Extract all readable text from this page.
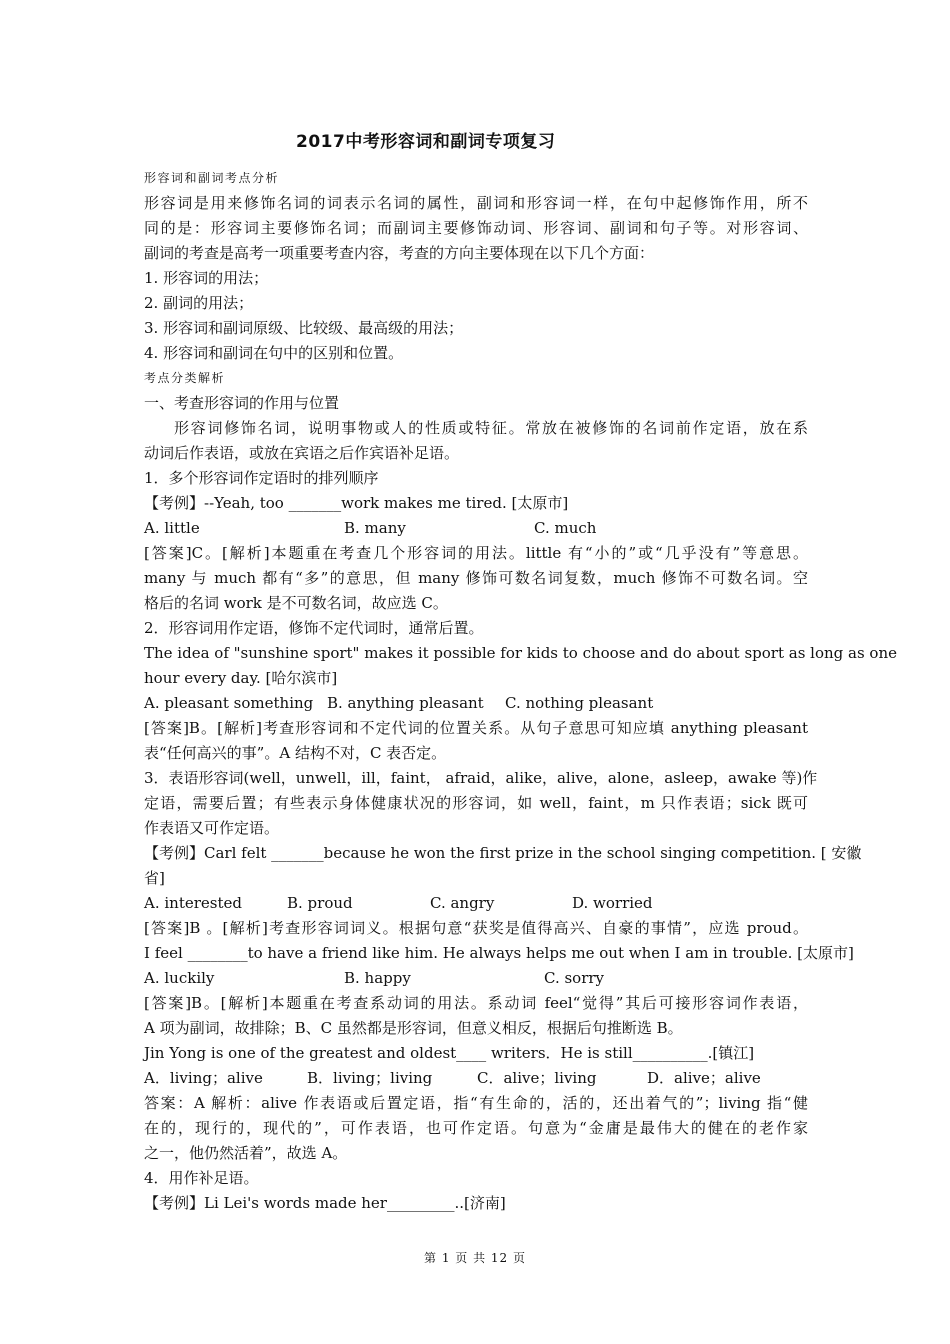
2017中考形容词和副词专项复习
形容词和副词考点分析
形容词是用来修饰名词的词表示名词的属性，副词和形容词一样，在句中起修饰作用，所不
同的是：形容词主要修饰名词；而副词主要修饰动词、形容词、副词和句子等。对形容词、
副词的考查是高考一项重要考查内容，考查的方向主要体现在以下几个方面：
1. 形容词的用法；
2. 副词的用法；
3. 形容词和副词原级、比较级、最高级的用法；
4. 形容词和副词在句中的区别和位置。
考点分类解析
一、考查形容词的作用与位置
形容词修饰名词，说明事物或人的性质或特征。常放在被修饰的名词前作定语，放在系
动词后作表语，或放在宾语之后作宾语补足语。
1．多个形容词作定语时的排列顺序
【考例】--Yeah, too _______work makes me tired. [太原市]
A. little	B. many	C. much
[答案]C。[解析]本题重在考查几个形容词的用法。little 有“小的”或“几乎没有”等意思。
many 与 much 都有“多”的意思，但 many 修饰可数名词复数，much 修饰不可数名词。空
格后的名词 work 是不可数名词，故应选 C。
2．形容词用作定语，修饰不定代词时，通常后置。
The idea of "sunshine sport" makes it possible for kids to choose and do about sport as long as one
hour every day. [哈尔滨市]
A. pleasant something B. anything pleasant	C. nothing pleasant
[答案]B。[解析]考查形容词和不定代词的位置关系。从句子意思可知应填 anything pleasant
表“任何高兴的事”。A 结构不对，C 表否定。
3．表语形容词(well，unwell，ill，faint， afraid，alike，alive，alone，asleep，awake 等)作
定语，需要后置；有些表示身体健康状况的形容词，如 well，faint，m 只作表语；sick 既可
作表语又可作定语。
【考例】Carl felt _______because he won the first prize in the school singing competition. [ 安徽
省]
A. interested	B. proud	C. angry	D. worried
[答案]B 。[解析]考查形容词词义。根据句意“获奖是值得高兴、自豪的事情”，应选 proud。
I feel ________to have a friend like him. He always helps me out when I am in trouble. [太原市]
A. luckily	B. happy	C. sorry
[答案]B。[解析]本题重在考查系动词的用法。系动词 feel“觉得”其后可接形容词作表语，
A 项为副词，故排除；B、C 虽然都是形容词，但意义相反，根据后句推断选 B。
Jin Yong is one of the greatest and oldest____ writers．He is still__________.[镇江]
A．living；alive	B．living；living	C．alive；living	D．alive；alive
答案：A 解析：alive 作表语或后置定语，指“有生命的，活的，还出着气的”；living 指“健
在的，现行的，现代的”，可作表语，也可作定语。句意为“金庸是最伟大的健在的老作家
之一，他仍然活着”，故选 A。
4．用作补足语。
【考例】Li Lei's words made her_________..[济南]
第 1 页 共 12 页
